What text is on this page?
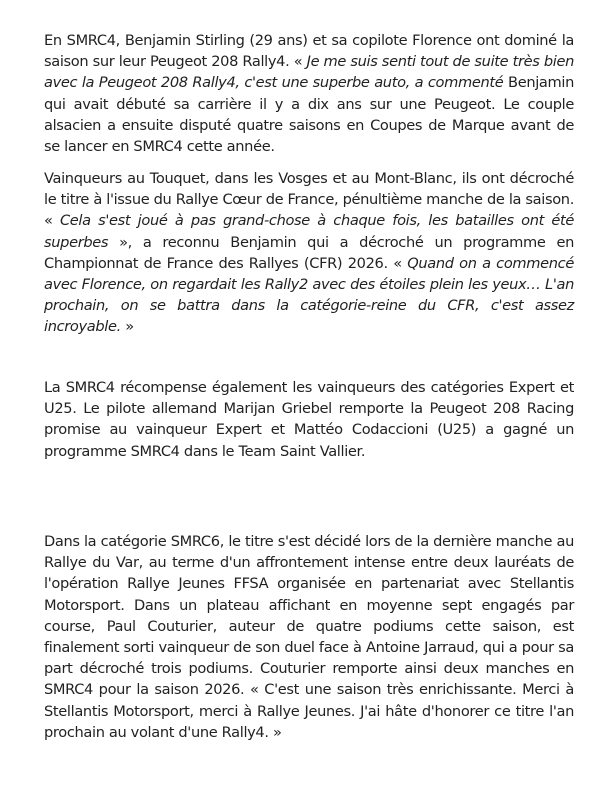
En SMRC4, Benjamin Stirling (29 ans) et sa copilote Florence ont dominé la saison sur leur Peugeot 208 Rally4. « Je me suis senti tout de suite très bien avec la Peugeot 208 Rally4, c'est une superbe auto, a commenté Benjamin qui avait débuté sa carrière il y a dix ans sur une Peugeot. Le couple alsacien a ensuite disputé quatre saisons en Coupes de Marque avant de se lancer en SMRC4 cette année.

Vainqueurs au Touquet, dans les Vosges et au Mont-Blanc, ils ont décroché le titre à l'issue du Rallye Cœur de France, pénultième manche de la saison. « Cela s'est joué à pas grand-chose à chaque fois, les batailles ont été superbes », a reconnu Benjamin qui a décroché un programme en Championnat de France des Rallyes (CFR) 2026. « Quand on a commencé avec Florence, on regardait les Rally2 avec des étoiles plein les yeux… L'an prochain, on se battra dans la catégorie-reine du CFR, c'est assez incroyable. »

La SMRC4 récompense également les vainqueurs des catégories Expert et U25. Le pilote allemand Marijan Griebel remporte la Peugeot 208 Racing promise au vainqueur Expert et Mattéo Codaccioni (U25) a gagné un programme SMRC4 dans le Team Saint Vallier.

Dans la catégorie SMRC6, le titre s'est décidé lors de la dernière manche au Rallye du Var, au terme d'un affrontement intense entre deux lauréats de l'opération Rallye Jeunes FFSA organisée en partenariat avec Stellantis Motorsport. Dans un plateau affichant en moyenne sept engagés par course, Paul Couturier, auteur de quatre podiums cette saison, est finalement sorti vainqueur de son duel face à Antoine Jarraud, qui a pour sa part décroché trois podiums. Couturier remporte ainsi deux manches en SMRC4 pour la saison 2026. « C'est une saison très enrichissante. Merci à Stellantis Motorsport, merci à Rallye Jeunes. J'ai hâte d'honorer ce titre l'an prochain au volant d'une Rally4. »
